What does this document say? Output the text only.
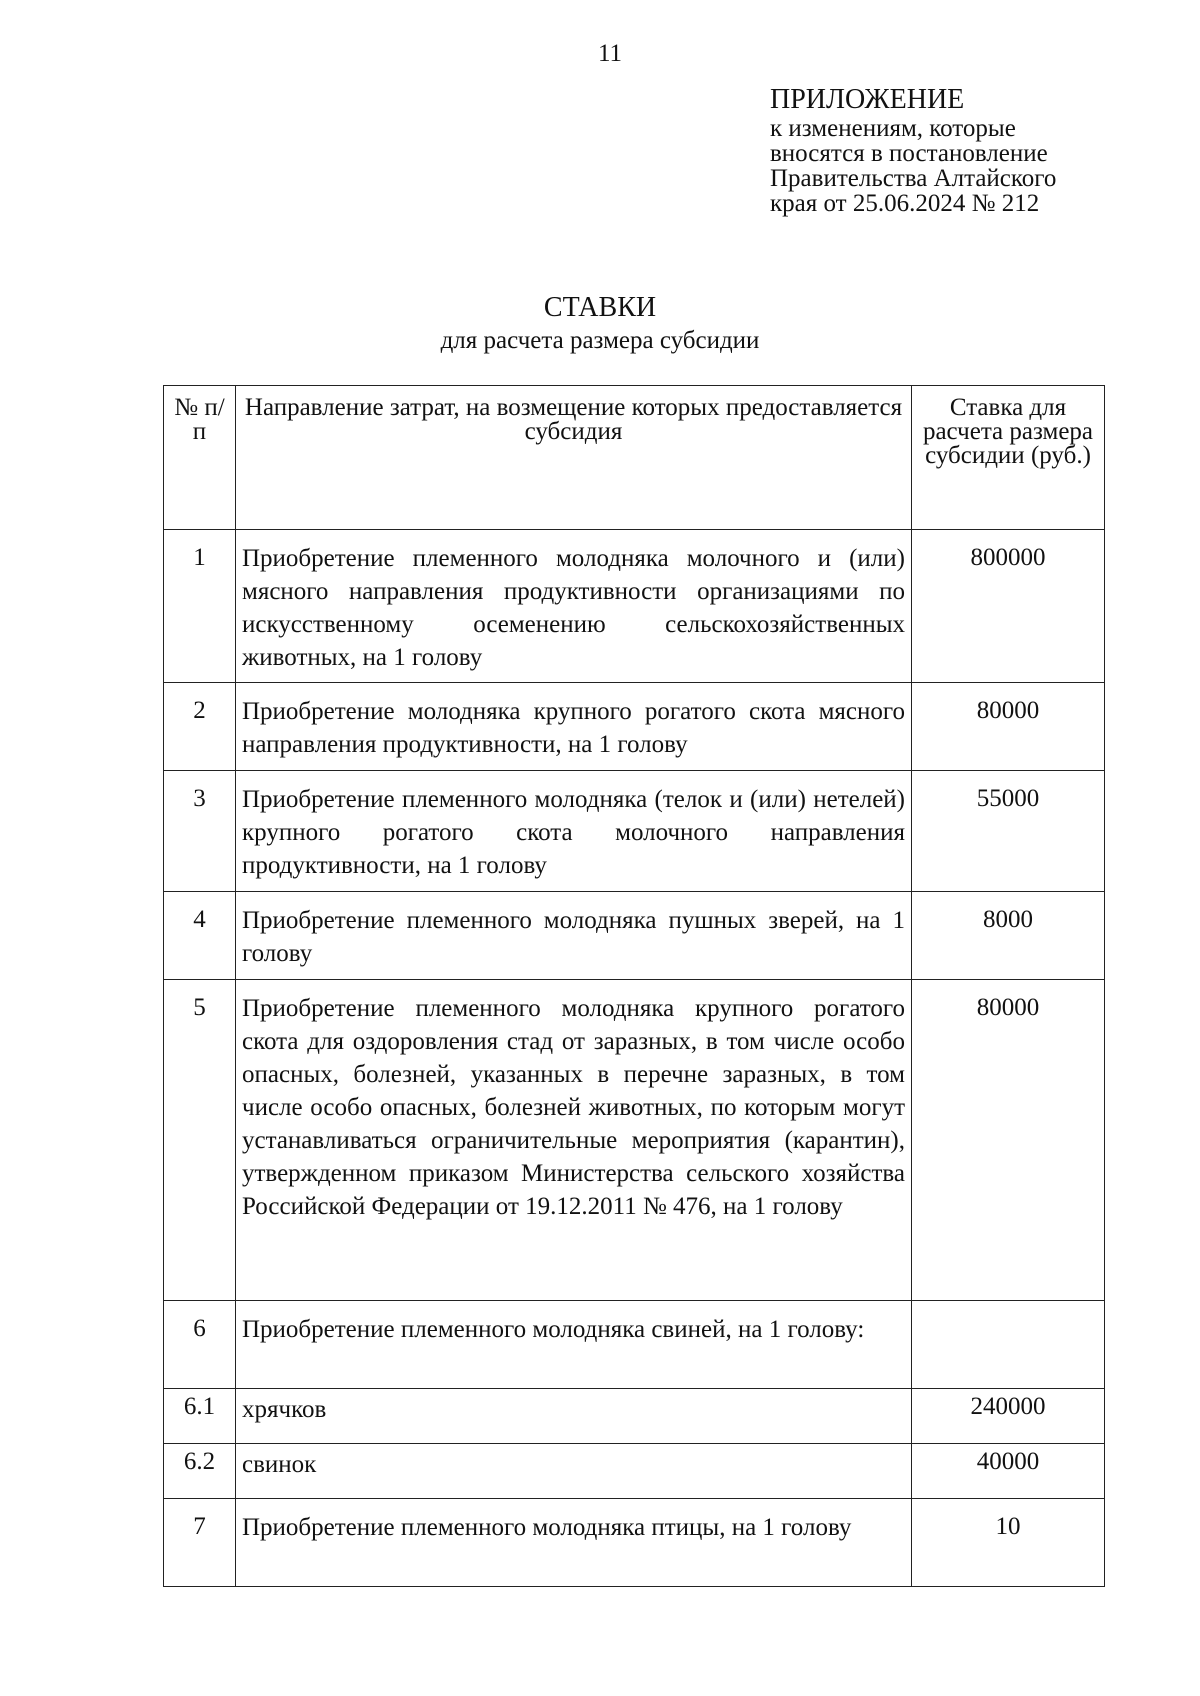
11
ПРИЛОЖЕНИЕ
к изменениям, которые
вносятся в постановление
Правительства Алтайского
края от 25.06.2024 № 212
СТАВКИ
для расчета размера субсидии
№ п/п	Направление затрат, на возмещение которых предоставляется субсидия	Ставка для расчета размера субсидии (руб.)
1	Приобретение племенного молодняка молочного и (или) мясного направления продуктивности организациями по искусственному осеменению сельскохозяйственных животных, на 1 голову	800000
2	Приобретение молодняка крупного рогатого скота мясного направления продуктивности, на 1 голову	80000
3	Приобретение племенного молодняка (телок и (или) нетелей) крупного рогатого скота молочного направления продуктивности, на 1 голову	55000
4	Приобретение племенного молодняка пушных зверей, на 1 голову	8000
5	Приобретение племенного молодняка крупного рогатого скота для оздоровления стад от заразных, в том числе особо опасных, болезней, указанных в перечне заразных, в том числе особо опасных, болезней животных, по которым могут устанавливаться ограничительные мероприятия (карантин), утвержденном приказом Министерства сельского хозяйства Российской Федерации от 19.12.2011 № 476, на 1 голову	80000
6	Приобретение племенного молодняка свиней, на 1 голову:	
6.1	хрячков	240000
6.2	свинок	40000
7	Приобретение племенного молодняка птицы, на 1 голову	10
